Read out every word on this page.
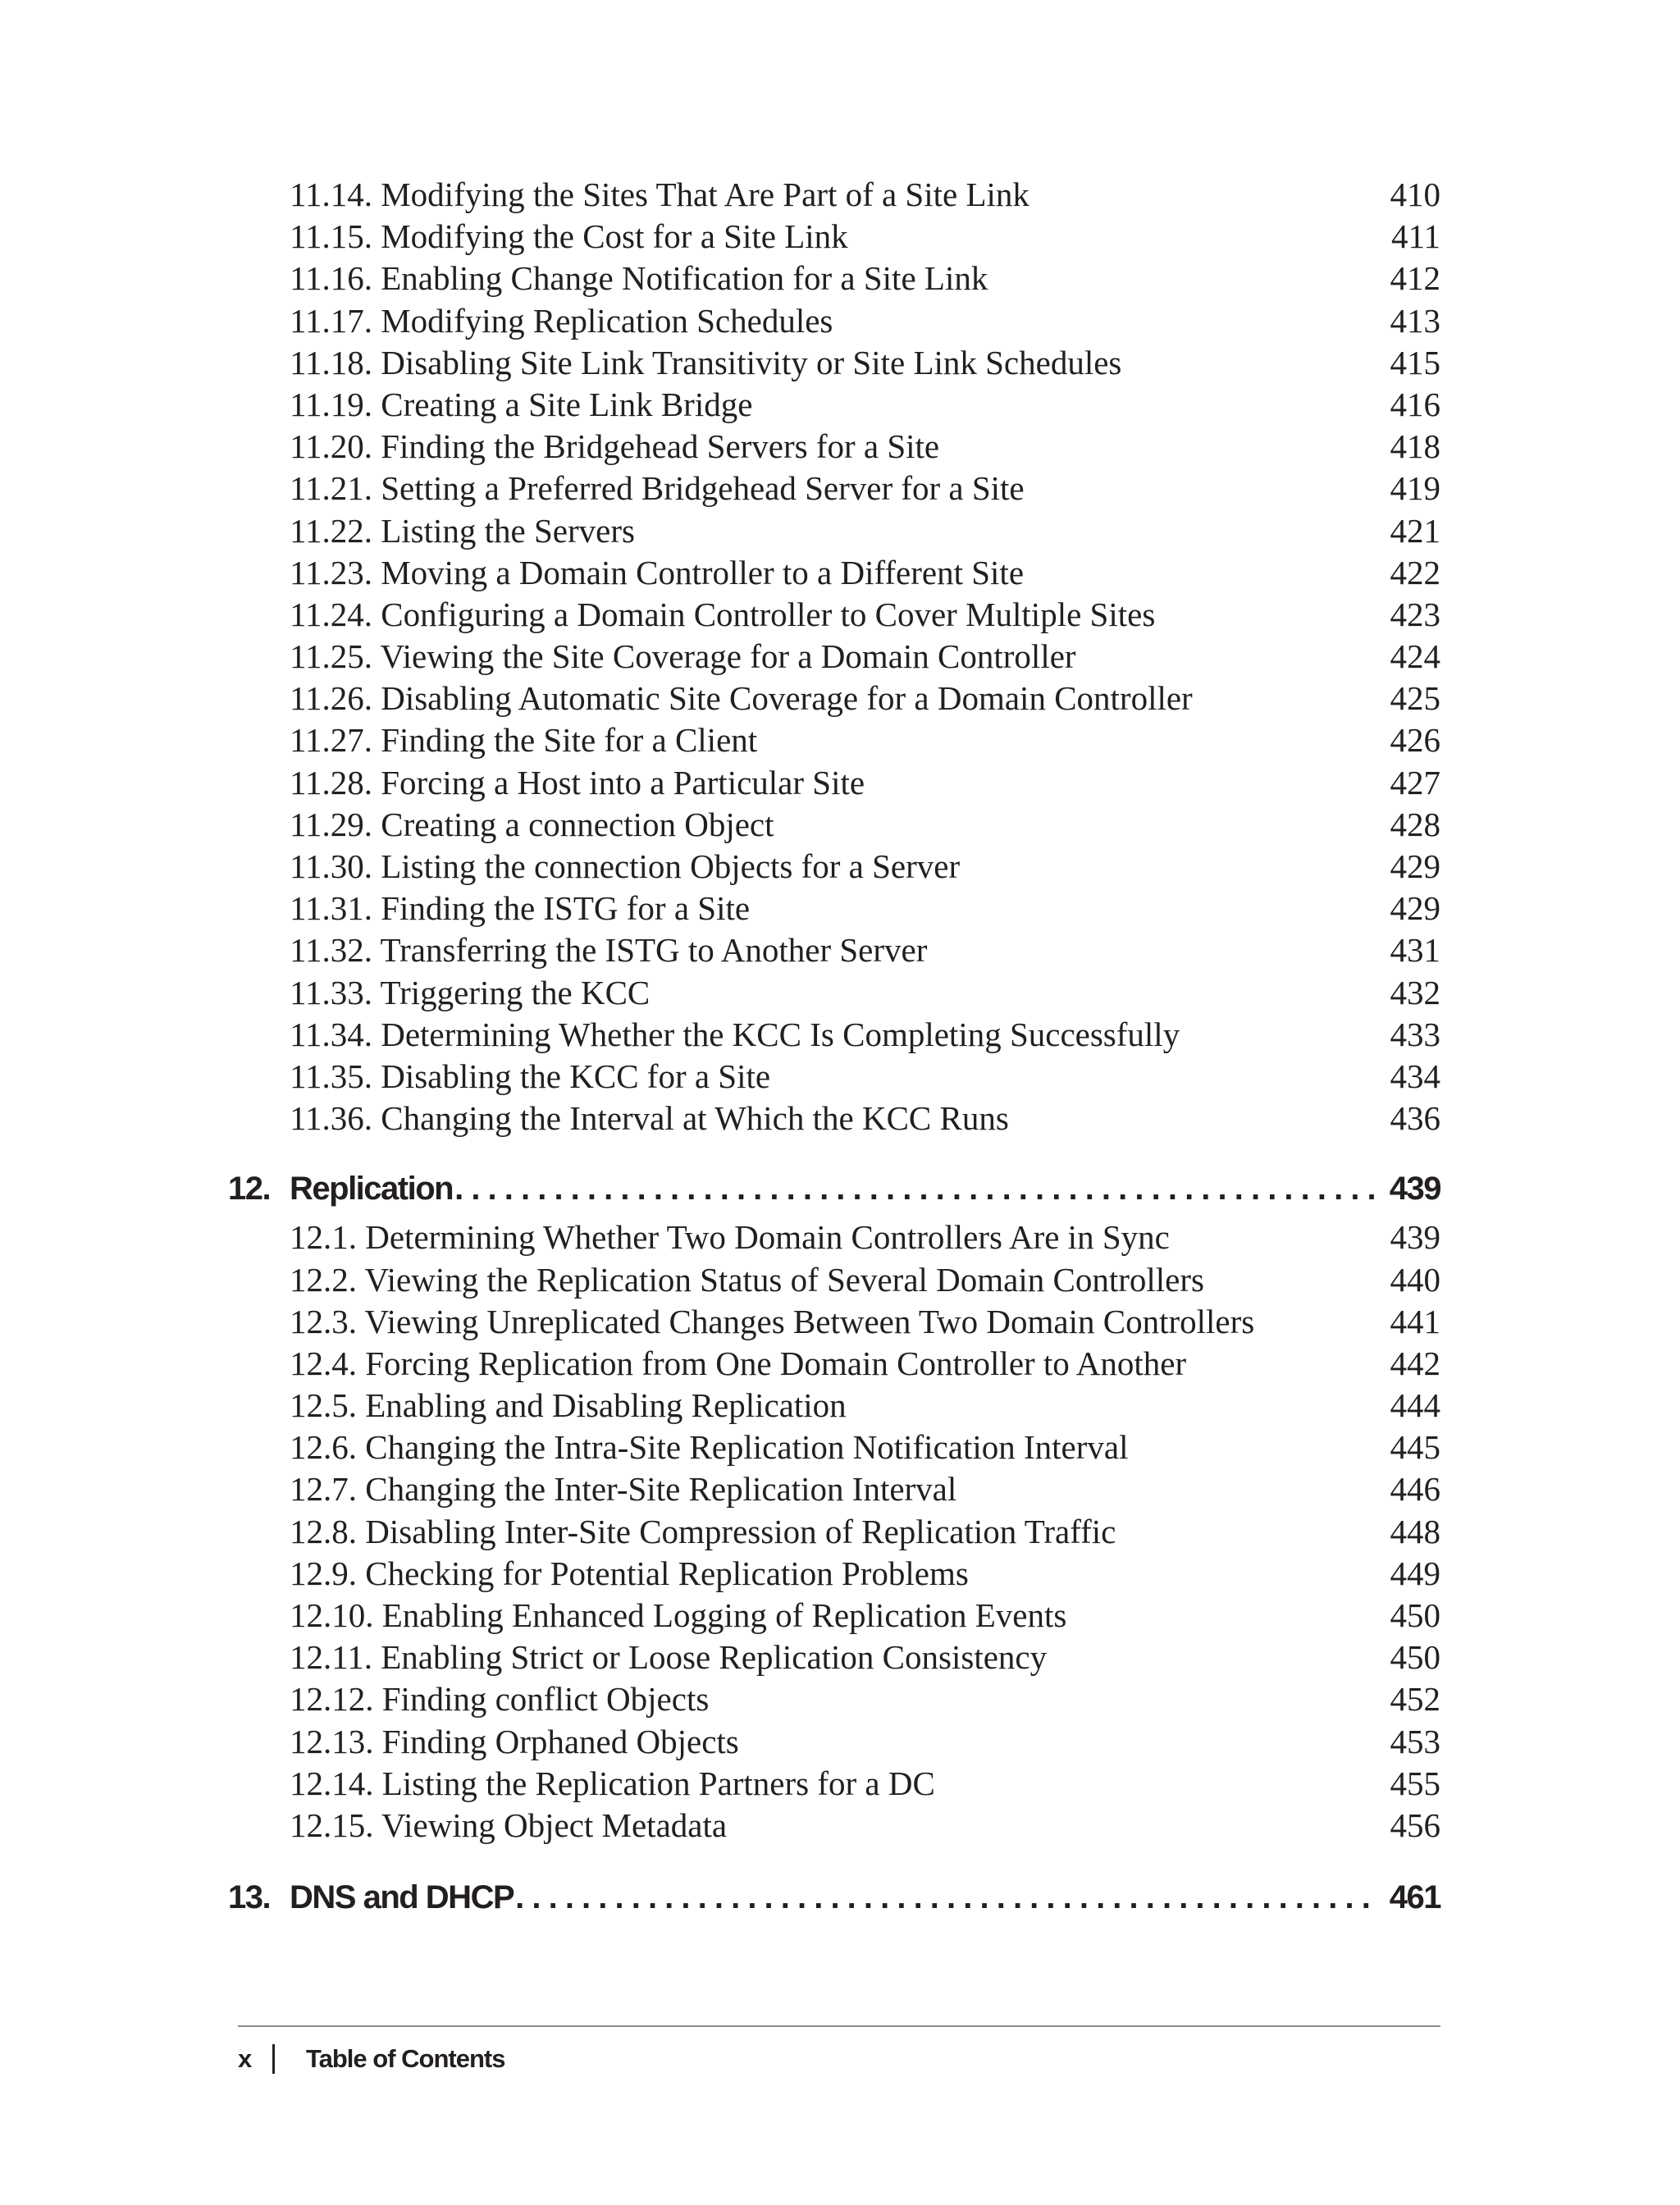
11.14. Modifying the Sites That Are Part of a Site Link	410
11.15. Modifying the Cost for a Site Link	411
11.16. Enabling Change Notification for a Site Link	412
11.17. Modifying Replication Schedules	413
11.18. Disabling Site Link Transitivity or Site Link Schedules	415
11.19. Creating a Site Link Bridge	416
11.20. Finding the Bridgehead Servers for a Site	418
11.21. Setting a Preferred Bridgehead Server for a Site	419
11.22. Listing the Servers	421
11.23. Moving a Domain Controller to a Different Site	422
11.24. Configuring a Domain Controller to Cover Multiple Sites	423
11.25. Viewing the Site Coverage for a Domain Controller	424
11.26. Disabling Automatic Site Coverage for a Domain Controller	425
11.27. Finding the Site for a Client	426
11.28. Forcing a Host into a Particular Site	427
11.29. Creating a connection Object	428
11.30. Listing the connection Objects for a Server	429
11.31. Finding the ISTG for a Site	429
11.32. Transferring the ISTG to Another Server	431
11.33. Triggering the KCC	432
11.34. Determining Whether the KCC Is Completing Successfully	433
11.35. Disabling the KCC for a Site	434
11.36. Changing the Interval at Which the KCC Runs	436
12. Replication . . .	439
12.1. Determining Whether Two Domain Controllers Are in Sync	439
12.2. Viewing the Replication Status of Several Domain Controllers	440
12.3. Viewing Unreplicated Changes Between Two Domain Controllers	441
12.4. Forcing Replication from One Domain Controller to Another	442
12.5. Enabling and Disabling Replication	444
12.6. Changing the Intra-Site Replication Notification Interval	445
12.7. Changing the Inter-Site Replication Interval	446
12.8. Disabling Inter-Site Compression of Replication Traffic	448
12.9. Checking for Potential Replication Problems	449
12.10. Enabling Enhanced Logging of Replication Events	450
12.11. Enabling Strict or Loose Replication Consistency	450
12.12. Finding conflict Objects	452
12.13. Finding Orphaned Objects	453
12.14. Listing the Replication Partners for a DC	455
12.15. Viewing Object Metadata	456
13. DNS and DHCP . . .	461
x	Table of Contents
